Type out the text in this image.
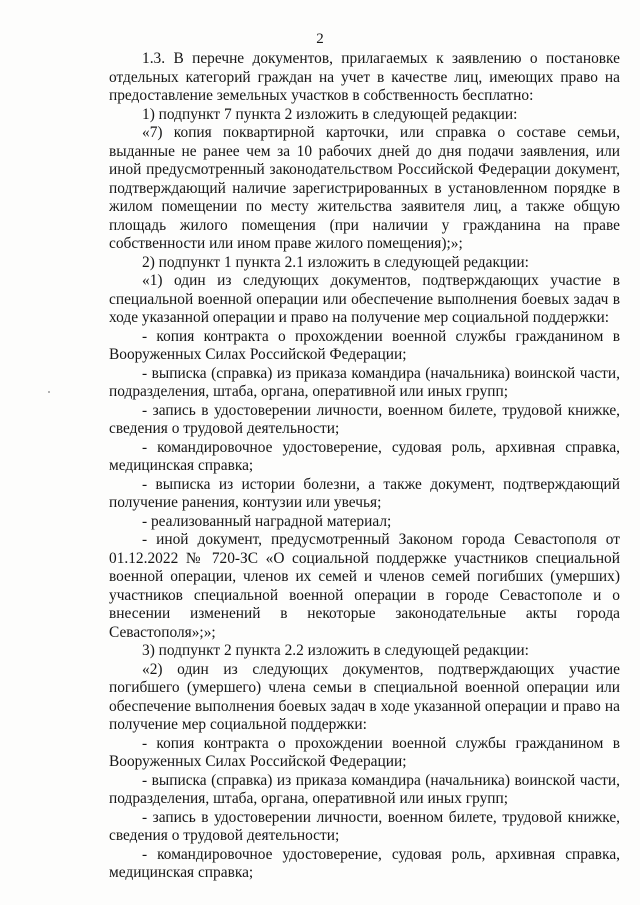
2

1.3. В перечне документов, прилагаемых к заявлению о постановке отдельных категорий граждан на учет в качестве лиц, имеющих право на предоставление земельных участков в собственность бесплатно:

1) подпункт 7 пункта 2 изложить в следующей редакции:

«7) копия поквартирной карточки, или справка о составе семьи, выданные не ранее чем за 10 рабочих дней до дня подачи заявления, или иной предусмотренный законодательством Российской Федерации документ, подтверждающий наличие зарегистрированных в установленном порядке в жилом помещении по месту жительства заявителя лиц, а также общую площадь жилого помещения (при наличии у гражданина на праве собственности или ином праве жилого помещения);»;

2) подпункт 1 пункта 2.1 изложить в следующей редакции:

«1) один из следующих документов, подтверждающих участие в специальной военной операции или обеспечение выполнения боевых задач в ходе указанной операции и право на получение мер социальной поддержки:

- копия контракта о прохождении военной службы гражданином в Вооруженных Силах Российской Федерации;

- выписка (справка) из приказа командира (начальника) воинской части, подразделения, штаба, органа, оперативной или иных групп;

- запись в удостоверении личности, военном билете, трудовой книжке, сведения о трудовой деятельности;

- командировочное удостоверение, судовая роль, архивная справка, медицинская справка;

- выписка из истории болезни, а также документ, подтверждающий получение ранения, контузии или увечья;

- реализованный наградной материал;

- иной документ, предусмотренный Законом города Севастополя от 01.12.2022 № 720-ЗС «О социальной поддержке участников специальной военной операции, членов их семей и членов семей погибших (умерших) участников специальной военной операции в городе Севастополе и о внесении изменений в некоторые законодательные акты города Севастополя»;»;

3) подпункт 2 пункта 2.2 изложить в следующей редакции:

«2) один из следующих документов, подтверждающих участие погибшего (умершего) члена семьи в специальной военной операции или обеспечение выполнения боевых задач в ходе указанной операции и право на получение мер социальной поддержки:

- копия контракта о прохождении военной службы гражданином в Вооруженных Силах Российской Федерации;

- выписка (справка) из приказа командира (начальника) воинской части, подразделения, штаба, органа, оперативной или иных групп;

- запись в удостоверении личности, военном билете, трудовой книжке, сведения о трудовой деятельности;

- командировочное удостоверение, судовая роль, архивная справка, медицинская справка;
